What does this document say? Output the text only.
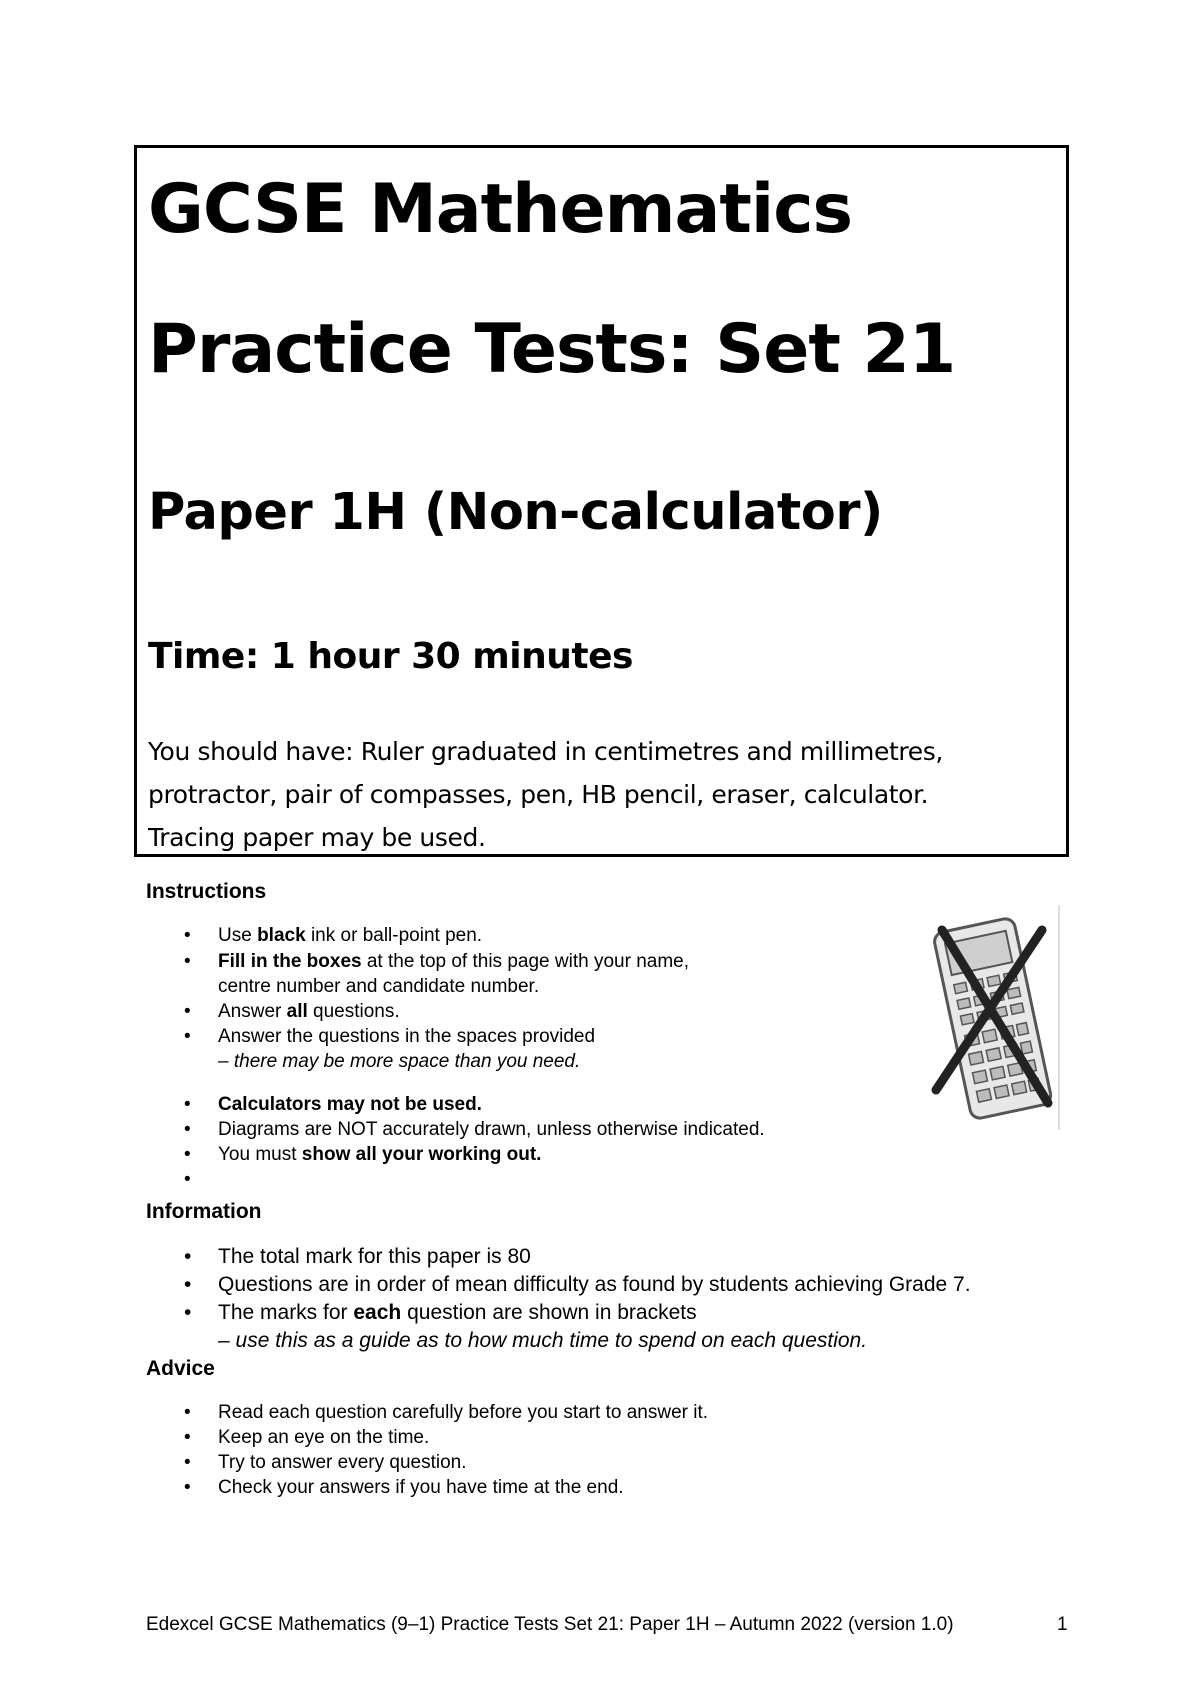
GCSE Mathematics

Practice Tests: Set 21

Paper 1H (Non-calculator)

Time: 1 hour 30 minutes

You should have: Ruler graduated in centimetres and millimetres,

protractor, pair of compasses, pen, HB pencil, eraser, calculator.

Tracing paper may be used.

Instructions

• Use black ink or ball-point pen.
• Fill in the boxes at the top of this page with your name,
centre number and candidate number.
• Answer all questions.
• Answer the questions in the spaces provided
– there may be more space than you need.
• Calculators may not be used.
• Diagrams are NOT accurately drawn, unless otherwise indicated.
• You must show all your working out.
•

Information

• The total mark for this paper is 80
• Questions are in order of mean difficulty as found by students achieving Grade 7.
• The marks for each question are shown in brackets
– use this as a guide as to how much time to spend on each question.

Advice

• Read each question carefully before you start to answer it.
• Keep an eye on the time.
• Try to answer every question.
• Check your answers if you have time at the end.
Edexcel GCSE Mathematics (9–1) Practice Tests Set 21: Paper 1H – Autumn 2022 (version 1.0)	1
